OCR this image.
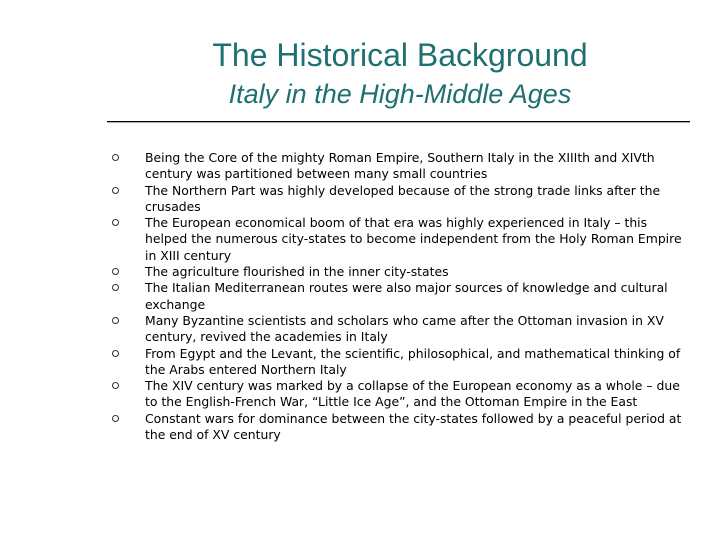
The Historical Background
Italy in the High-Middle Ages
Being the Core of the mighty Roman Empire, Southern Italy in the XIIIth and XIVth century was partitioned between many small countries
The Northern Part was highly developed because of the strong trade links after the crusades
The European economical boom of that era was highly experienced in Italy – this helped the numerous city-states to become independent from the Holy Roman Empire in XIII century
The agriculture flourished in the inner city-states
The Italian Mediterranean routes were also major sources of knowledge and cultural exchange
Many Byzantine scientists and scholars who came after the Ottoman invasion in XV century, revived the academies in Italy
From Egypt and the Levant, the scientific, philosophical, and mathematical thinking of the Arabs entered Northern Italy
The XIV century was marked by a collapse of the European economy as a whole – due to the English-French War, “Little Ice Age”, and the Ottoman Empire in the East
Constant wars for dominance between the city-states followed by a peaceful period at the end of XV century
